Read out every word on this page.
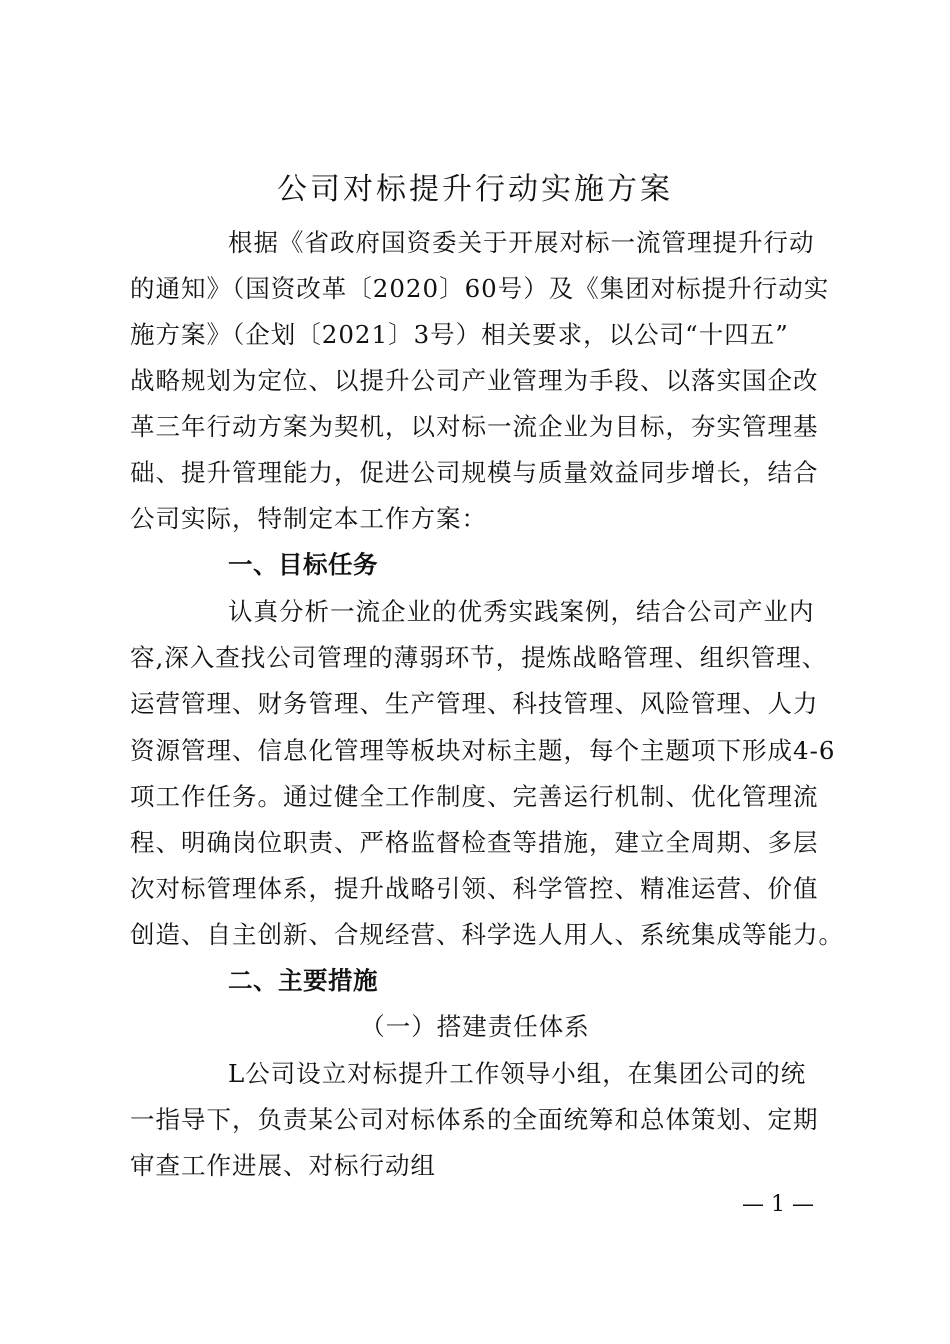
公司对标提升行动实施方案
根据《省政府国资委关于开展对标一流管理提升行动
的通知》（国资改革〔2020〕60号）及《集团对标提升行动实
施方案》（企划〔2021〕3号）相关要求，以公司“十四五”
战略规划为定位、以提升公司产业管理为手段、以落实国企改
革三年行动方案为契机，以对标一流企业为目标，夯实管理基
础、提升管理能力，促进公司规模与质量效益同步增长，结合
公司实际，特制定本工作方案：
一、目标任务
认真分析一流企业的优秀实践案例，结合公司产业内
容,深入查找公司管理的薄弱环节，提炼战略管理、组织管理、
运营管理、财务管理、生产管理、科技管理、风险管理、人力
资源管理、信息化管理等板块对标主题，每个主题项下形成4-6
项工作任务。通过健全工作制度、完善运行机制、优化管理流
程、明确岗位职责、严格监督检查等措施，建立全周期、多层
次对标管理体系，提升战略引领、科学管控、精准运营、价值
创造、自主创新、合规经营、科学选人用人、系统集成等能力。
二、主要措施
（一）搭建责任体系
L公司设立对标提升工作领导小组，在集团公司的统
一指导下，负责某公司对标体系的全面统筹和总体策划、定期
审查工作进展、对标行动组
— 1 —
